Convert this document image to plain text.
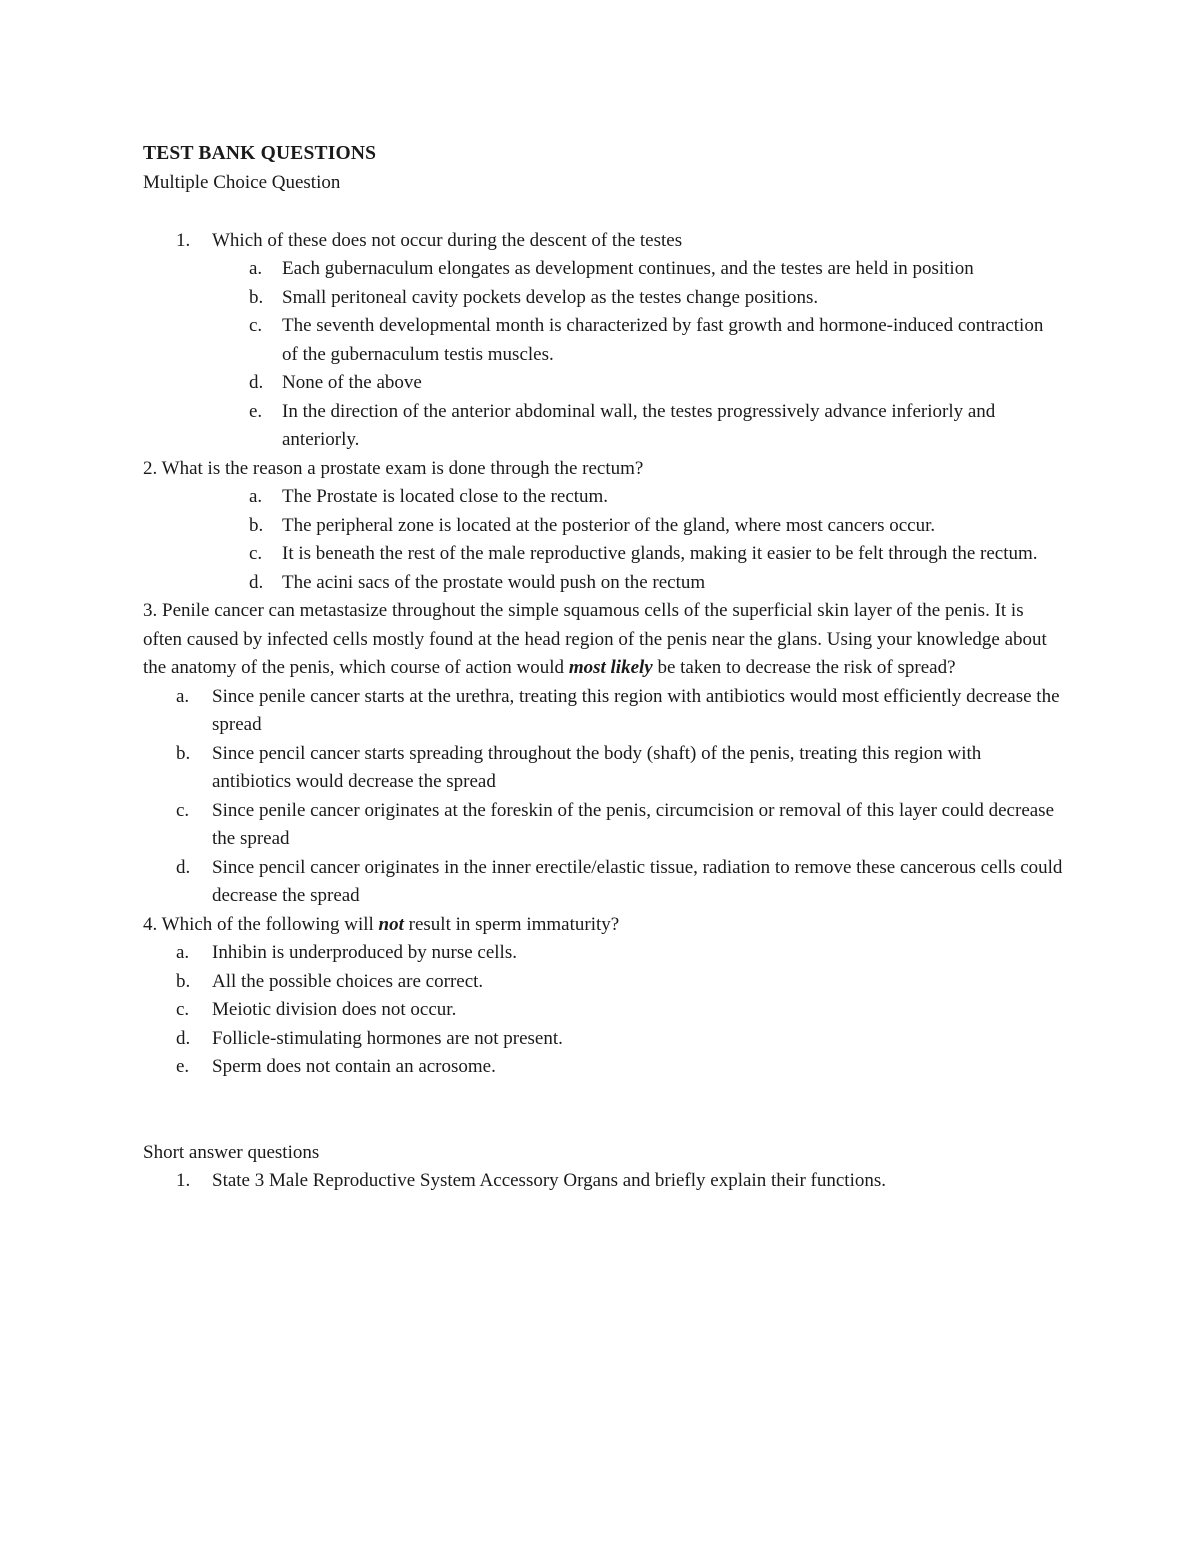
TEST BANK QUESTIONS
Multiple Choice Question
1.	Which of these does not occur during the descent of the testes
a. Each gubernaculum elongates as development continues, and the testes are held in position
b. Small peritoneal cavity pockets develop as the testes change positions.
c. The seventh developmental month is characterized by fast growth and hormone-induced contraction of the gubernaculum testis muscles.
d. None of the above
e. In the direction of the anterior abdominal wall, the testes progressively advance inferiorly and anteriorly.
2. What is the reason a prostate exam is done through the rectum?
a. The Prostate is located close to the rectum.
b. The peripheral zone is located at the posterior of the gland, where most cancers occur.
c. It is beneath the rest of the male reproductive glands, making it easier to be felt through the rectum.
d. The acini sacs of the prostate would push on the rectum
3. Penile cancer can metastasize throughout the simple squamous cells of the superficial skin layer of the penis. It is often caused by infected cells mostly found at the head region of the penis near the glans. Using your knowledge about the anatomy of the penis, which course of action would most likely be taken to decrease the risk of spread?
a. Since penile cancer starts at the urethra, treating this region with antibiotics would most efficiently decrease the spread
b. Since pencil cancer starts spreading throughout the body (shaft) of the penis, treating this region with antibiotics would decrease the spread
c. Since penile cancer originates at the foreskin of the penis, circumcision or removal of this layer could decrease the spread
d. Since pencil cancer originates in the inner erectile/elastic tissue, radiation to remove these cancerous cells could decrease the spread
4. Which of the following will not result in sperm immaturity?
a. Inhibin is underproduced by nurse cells.
b. All the possible choices are correct.
c. Meiotic division does not occur.
d. Follicle-stimulating hormones are not present.
e. Sperm does not contain an acrosome.
Short answer questions
1.	State 3 Male Reproductive System Accessory Organs and briefly explain their functions.
